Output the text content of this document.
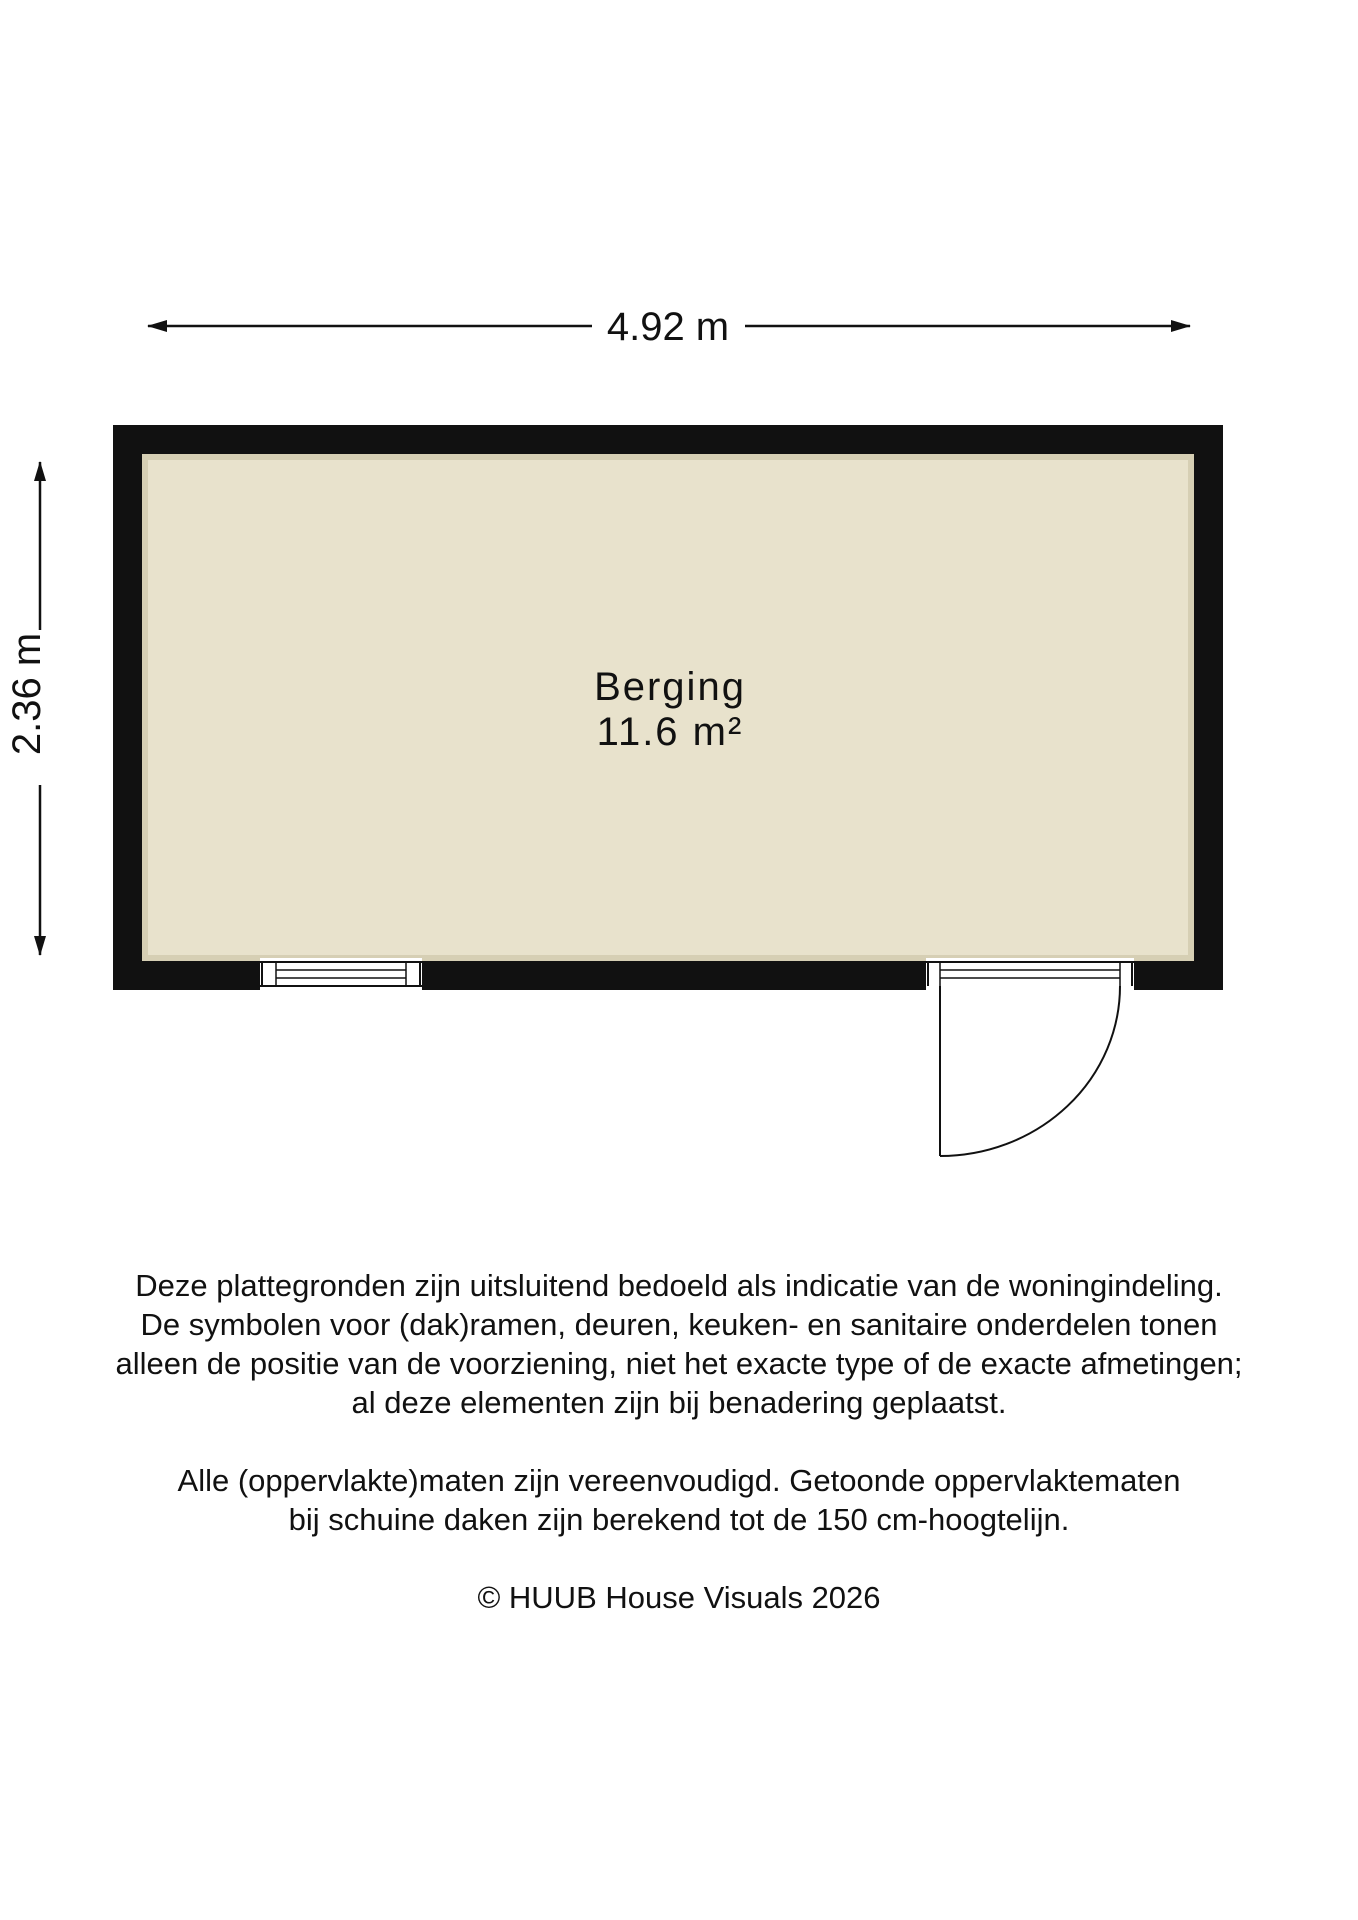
4.92 m
2.36 m	Berging
11.6 m²
Deze plattegronden zijn uitsluitend bedoeld als indicatie van de woningindeling.
De symbolen voor (dak)ramen, deuren, keuken- en sanitaire onderdelen tonen
alleen de positie van de voorziening, niet het exacte type of de exacte afmetingen;
al deze elementen zijn bij benadering geplaatst.
Alle (oppervlakte)maten zijn vereenvoudigd. Getoonde oppervlaktematen
bij schuine daken zijn berekend tot de 150 cm-hoogtelijn.
© HUUB House Visuals 2026
